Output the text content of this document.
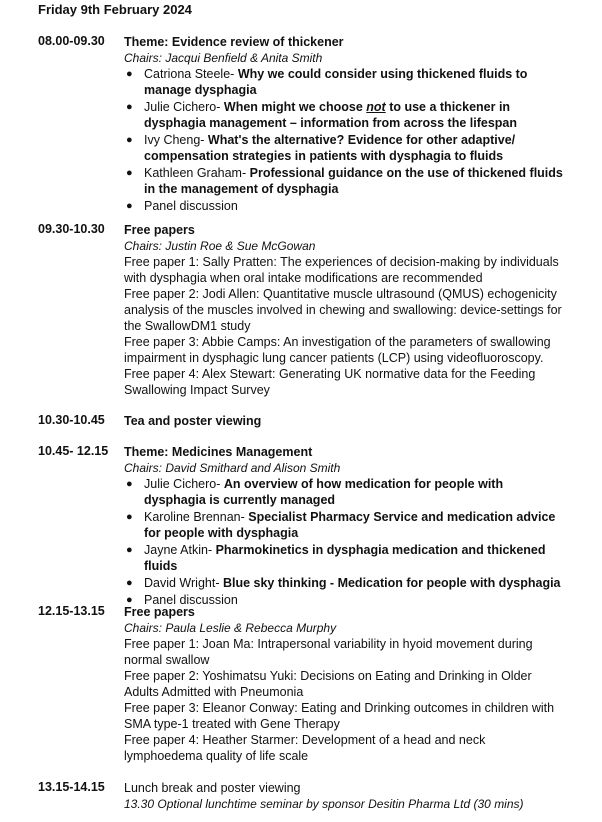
Friday 9th February 2024
08.00-09.30 Theme: Evidence review of thickener
Chairs: Jacqui Benfield & Anita Smith
● Catriona Steele- Why we could consider using thickened fluids to manage dysphagia
● Julie Cichero- When might we choose not to use a thickener in dysphagia management – information from across the lifespan
● Ivy Cheng- What's the alternative? Evidence for other adaptive/ compensation strategies in patients with dysphagia to fluids
● Kathleen Graham- Professional guidance on the use of thickened fluids in the management of dysphagia
● Panel discussion
09.30-10.30 Free papers
Chairs: Justin Roe & Sue McGowan
Free paper 1: Sally Pratten: The experiences of decision-making by individuals with dysphagia when oral intake modifications are recommended
Free paper 2: Jodi Allen: Quantitative muscle ultrasound (QMUS) echogenicity analysis of the muscles involved in chewing and swallowing: device-settings for the SwallowDM1 study
Free paper 3: Abbie Camps: An investigation of the parameters of swallowing impairment in dysphagic lung cancer patients (LCP) using videofluoroscopy.
Free paper 4: Alex Stewart: Generating UK normative data for the Feeding Swallowing Impact Survey
10.30-10.45 Tea and poster viewing
10.45- 12.15 Theme: Medicines Management
Chairs: David Smithard and Alison Smith
● Julie Cichero- An overview of how medication for people with dysphagia is currently managed
● Karoline Brennan- Specialist Pharmacy Service and medication advice for people with dysphagia
● Jayne Atkin- Pharmokinetics in dysphagia medication and thickened fluids
● David Wright- Blue sky thinking - Medication for people with dysphagia
● Panel discussion
12.15-13.15 Free papers
Chairs: Paula Leslie & Rebecca Murphy
Free paper 1: Joan Ma: Intrapersonal variability in hyoid movement during normal swallow
Free paper 2: Yoshimatsu Yuki: Decisions on Eating and Drinking in Older Adults Admitted with Pneumonia
Free paper 3: Eleanor Conway: Eating and Drinking outcomes in children with SMA type-1 treated with Gene Therapy
Free paper 4: Heather Starmer: Development of a head and neck lymphoedema quality of life scale
13.15-14.15 Lunch break and poster viewing
13.30 Optional lunchtime seminar by sponsor Desitin Pharma Ltd (30 mins)
